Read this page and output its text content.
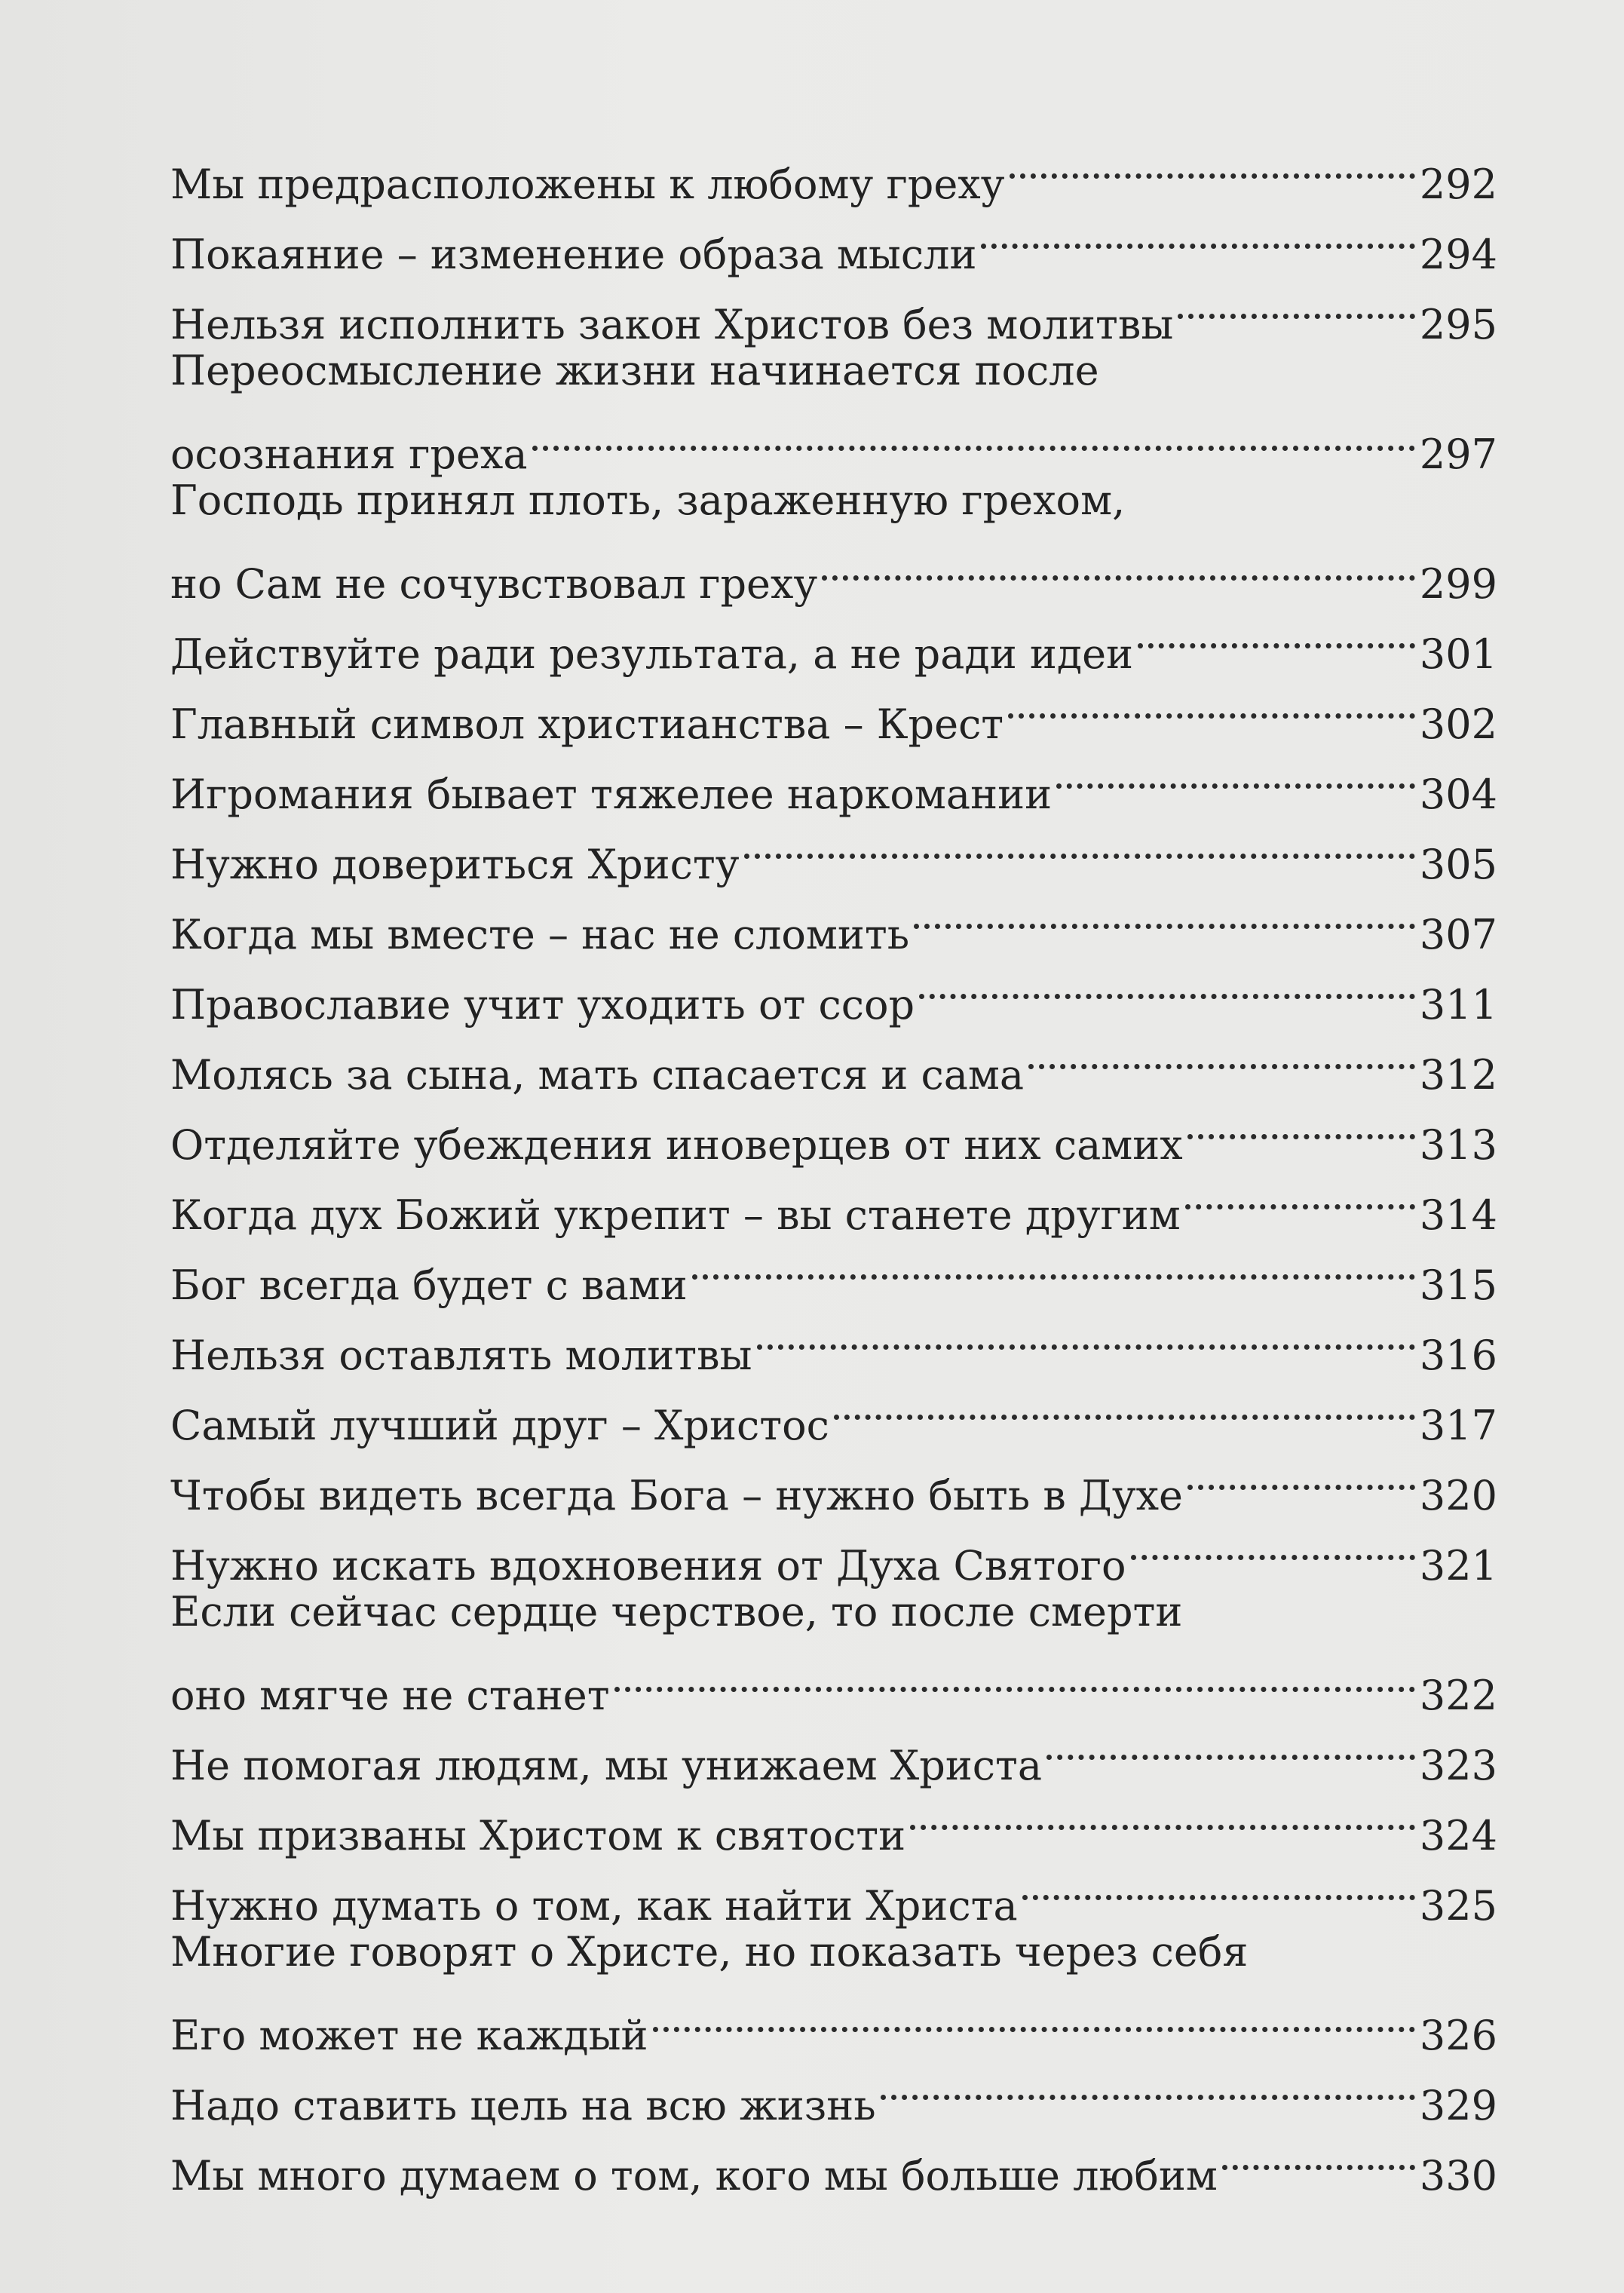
Мы предрасположены к любому греху	292
Покаяние – изменение образа мысли	294
Нельзя исполнить закон Христов без молитвы	295
Переосмысление жизни начинается после
осознания греха	297
Господь принял плоть, зараженную грехом,
но Сам не сочувствовал греху	299
Действуйте ради результата, а не ради идеи	301
Главный символ христианства – Крест	302
Игромания бывает тяжелее наркомании	304
Нужно довериться Христу	305
Когда мы вместе – нас не сломить	307
Православие учит уходить от ссор	311
Молясь за сына, мать спасается и сама	312
Отделяйте убеждения иноверцев от них самих	313
Когда дух Божий укрепит – вы станете другим	314
Бог всегда будет с вами	315
Нельзя оставлять молитвы	316
Самый лучший друг – Христос	317
Чтобы видеть всегда Бога – нужно быть в Духе	320
Нужно искать вдохновения от Духа Святого	321
Если сейчас сердце черствое, то после смерти
оно мягче не станет	322
Не помогая людям, мы унижаем Христа	323
Мы призваны Христом к святости	324
Нужно думать о том, как найти Христа	325
Многие говорят о Христе, но показать через себя
Его может не каждый	326
Надо ставить цель на всю жизнь	329
Мы много думаем о том, кого мы больше любим	330
